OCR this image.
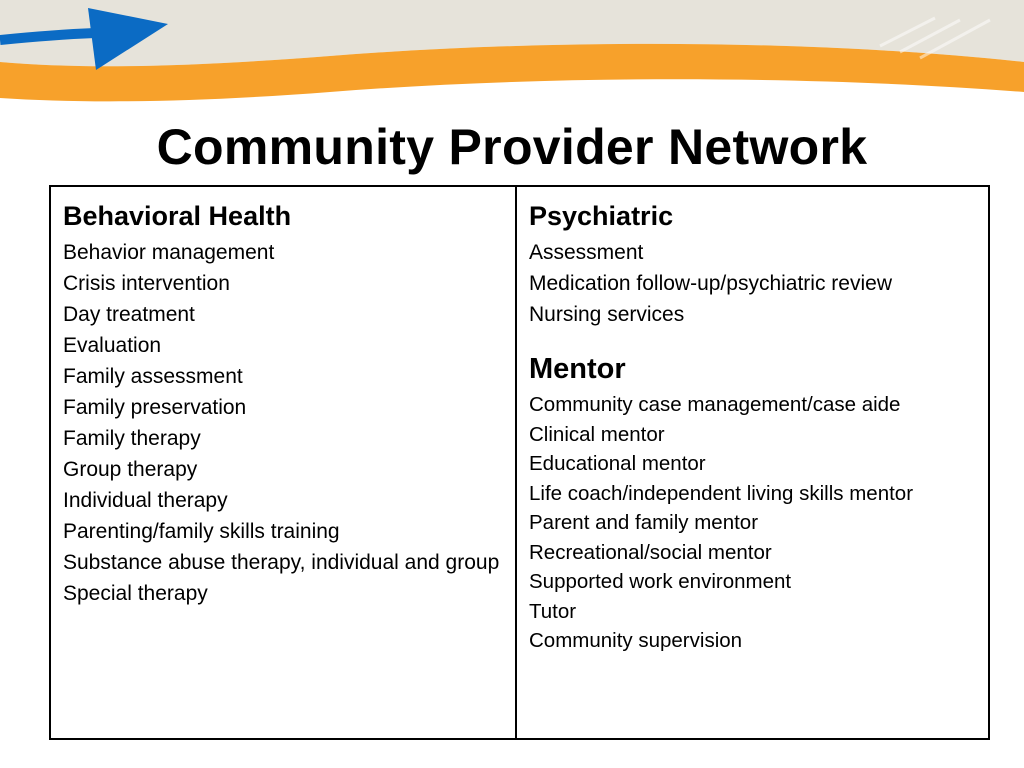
Community Provider Network
Behavioral Health
Behavior management
Crisis intervention
Day treatment
Evaluation
Family assessment
Family preservation
Family therapy
Group therapy
Individual therapy
Parenting/family skills training
Substance abuse therapy, individual and group
Special therapy
Psychiatric
Assessment
Medication follow-up/psychiatric review
Nursing services
Mentor
Community case management/case aide
Clinical mentor
Educational mentor
Life coach/independent living skills mentor
Parent and family mentor
Recreational/social mentor
Supported work environment
Tutor
Community supervision
